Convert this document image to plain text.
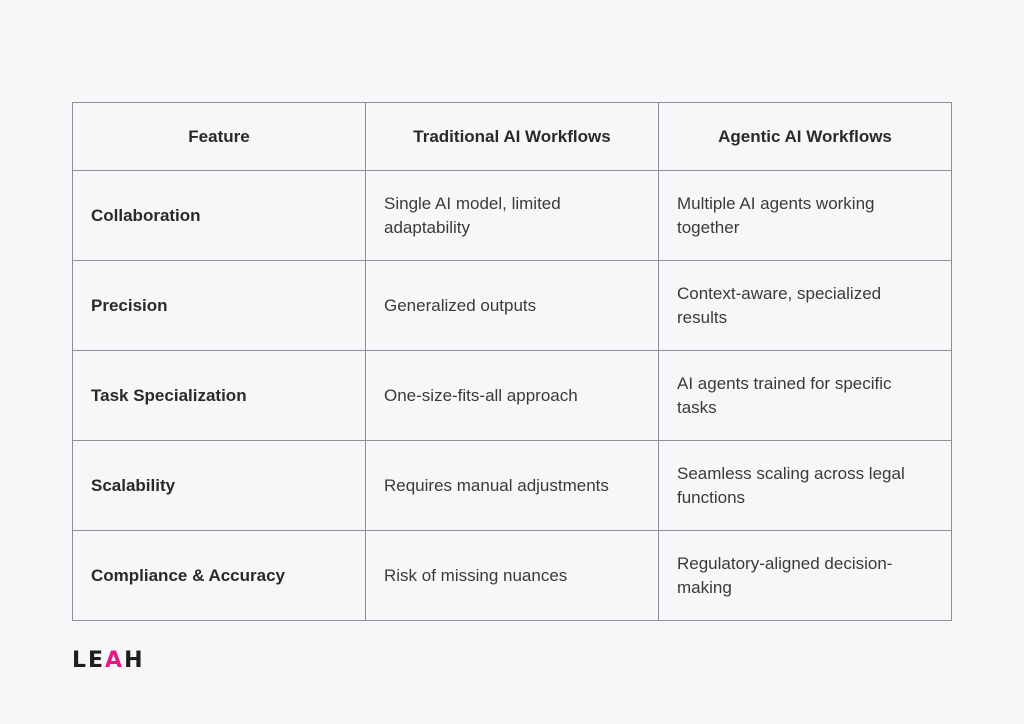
Feature	Traditional AI Workflows	Agentic AI Workflows
Collaboration	Single AI model, limited adaptability	Multiple AI agents working together
Precision	Generalized outputs	Context-aware, specialized results
Task Specialization	One-size-fits-all approach	AI agents trained for specific tasks
Scalability	Requires manual adjustments	Seamless scaling across legal functions
Compliance & Accuracy	Risk of missing nuances	Regulatory-aligned decision-making
LEAH
